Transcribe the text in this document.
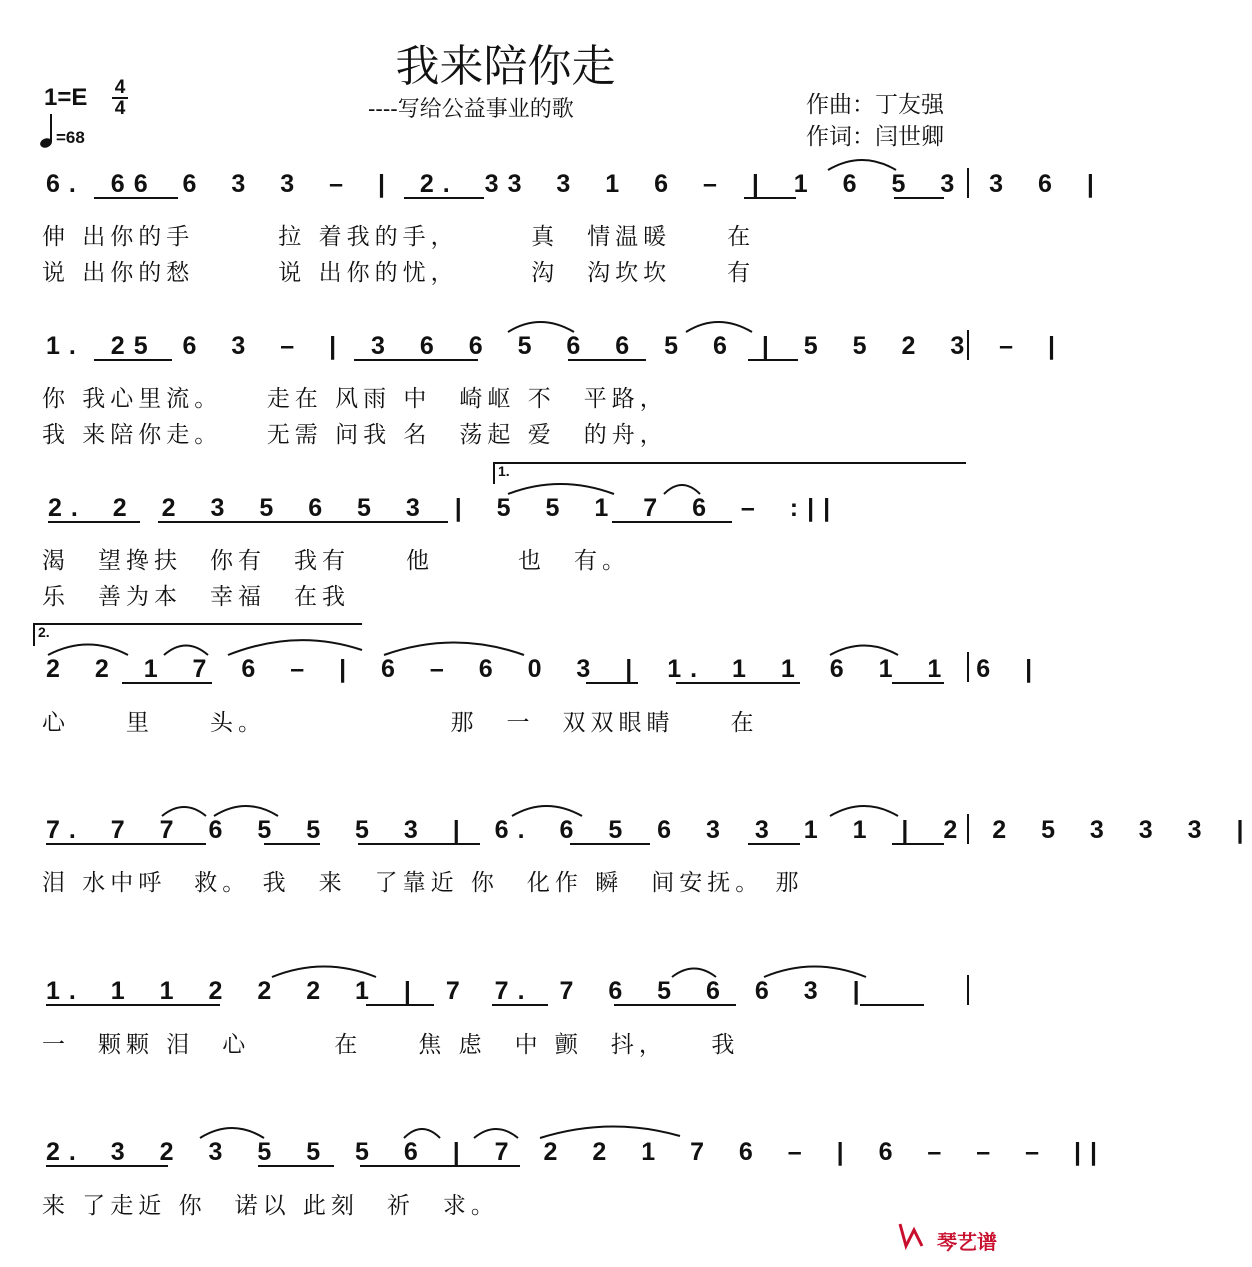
我来陪你走
----写给公益事业的歌	作曲：丁友强
作词：闫世卿
1=E 4
4
=68
6. 66 6 3 3 – | 2. 33 3 1 6 – | 1 6 5 3 3 6 |
伸 出你的手　　　拉 着我的手，　　　真　情温暖　　在
说 出你的愁　　　说 出你的忧，　　　沟　沟坎坎　　有
1. 25 6 3 – | 3 6 6 5 6 6 5 6 | 5 5 2 3 – |
你 我心里流。　　走在 风雨 中　崎岖 不　平路，
我 来陪你走。　　无需 问我 名　荡起 爱　的舟，
2. 2 2 3 5 6 5 3 | 5 5 1 7 6 – :||
1.
渴　望搀扶　你有　我有　　他　　　也　有。
乐　善为本　幸福　在我
2 2 1 7 6 – | 6 – 6 0 3 | 1. 1 1 6 1 1 6 |
2.
心　　里　　头。　　　　　　　那　一　双双眼睛　　在
7. 7 7 6 5 5 5 3 | 6. 6 5 6 3 3 1 1 | 2 2 5 3 3 3 |
泪 水中呼　救。 我　来　了靠近 你　化作 瞬　间安抚。 那
1. 1 1 2 2 2 1 | 7 7. 7 6 5 6 6 3 |
一　颗颗 泪　心　　　在　　焦 虑　中 颤　抖，　　我
2. 3 2 3 5 5 5 6 | 7 2 2 1 7 6 – | 6 – – – ||
来 了走近 你　诺以 此刻　祈　求。
琴艺谱
